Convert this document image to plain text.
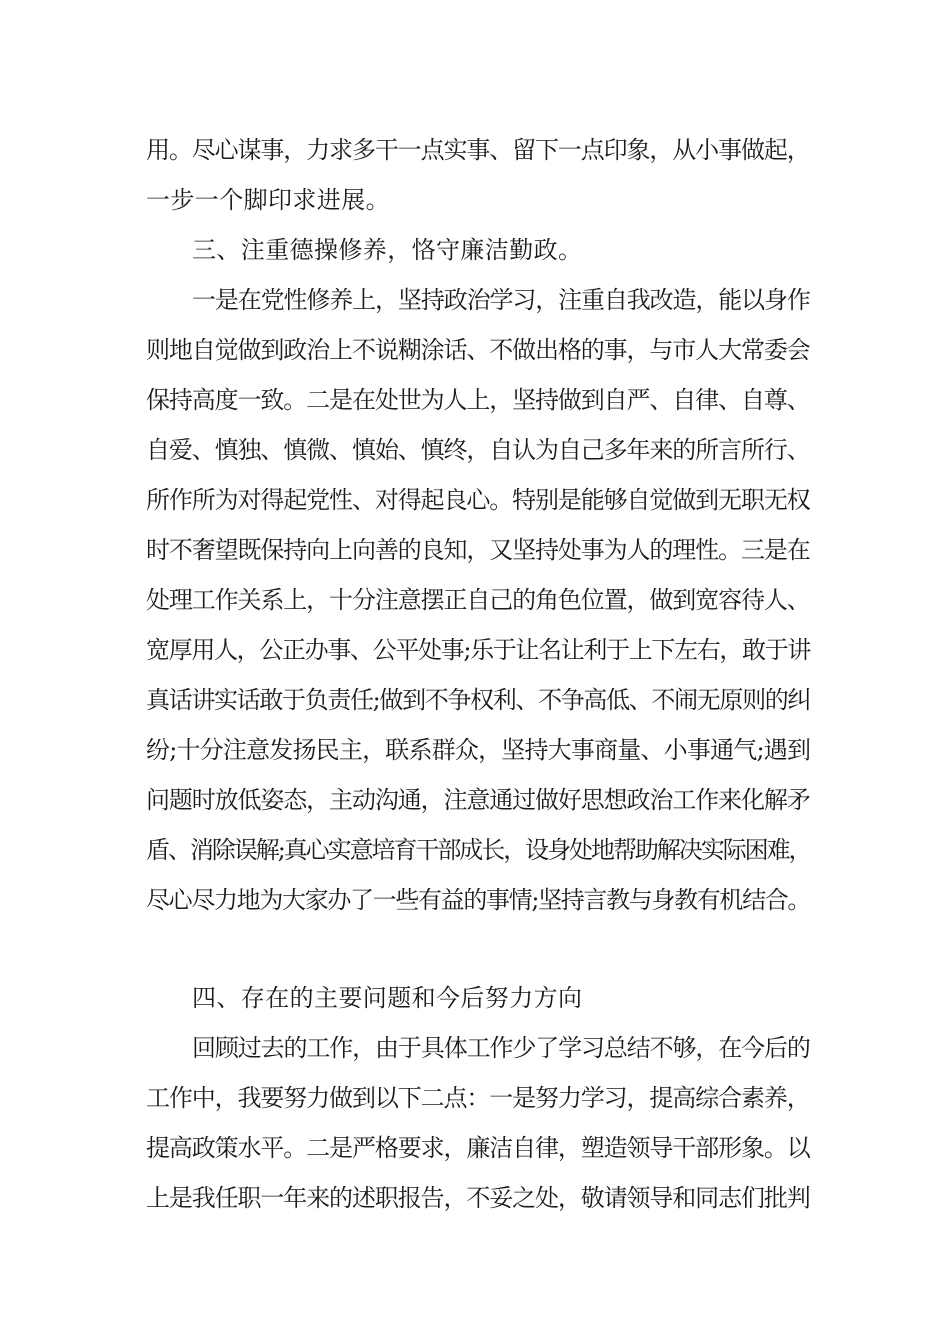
用。尽心谋事，力求多干一点实事、留下一点印象，从小事做起，

一步一个脚印求进展。

三、注重德操修养，恪守廉洁勤政。

一是在党性修养上，坚持政治学习，注重自我改造，能以身作

则地自觉做到政治上不说糊涂话、不做出格的事，与市人大常委会

保持高度一致。二是在处世为人上，坚持做到自严、自律、自尊、

自爱、慎独、慎微、慎始、慎终，自认为自己多年来的所言所行、

所作所为对得起党性、对得起良心。特别是能够自觉做到无职无权

时不奢望既保持向上向善的良知，又坚持处事为人的理性。三是在

处理工作关系上，十分注意摆正自己的角色位置，做到宽容待人、

宽厚用人，公正办事、公平处事;乐于让名让利于上下左右，敢于讲

真话讲实话敢于负责任;做到不争权利、不争高低、不闹无原则的纠

纷;十分注意发扬民主，联系群众，坚持大事商量、小事通气;遇到

问题时放低姿态，主动沟通，注意通过做好思想政治工作来化解矛

盾、消除误解;真心实意培育干部成长，设身处地帮助解决实际困难，

尽心尽力地为大家办了一些有益的事情;坚持言教与身教有机结合。

四、存在的主要问题和今后努力方向

回顾过去的工作，由于具体工作少了学习总结不够，在今后的

工作中，我要努力做到以下二点：一是努力学习，提高综合素养，

提高政策水平。二是严格要求，廉洁自律，塑造领导干部形象。以

上是我任职一年来的述职报告，不妥之处，敬请领导和同志们批判
